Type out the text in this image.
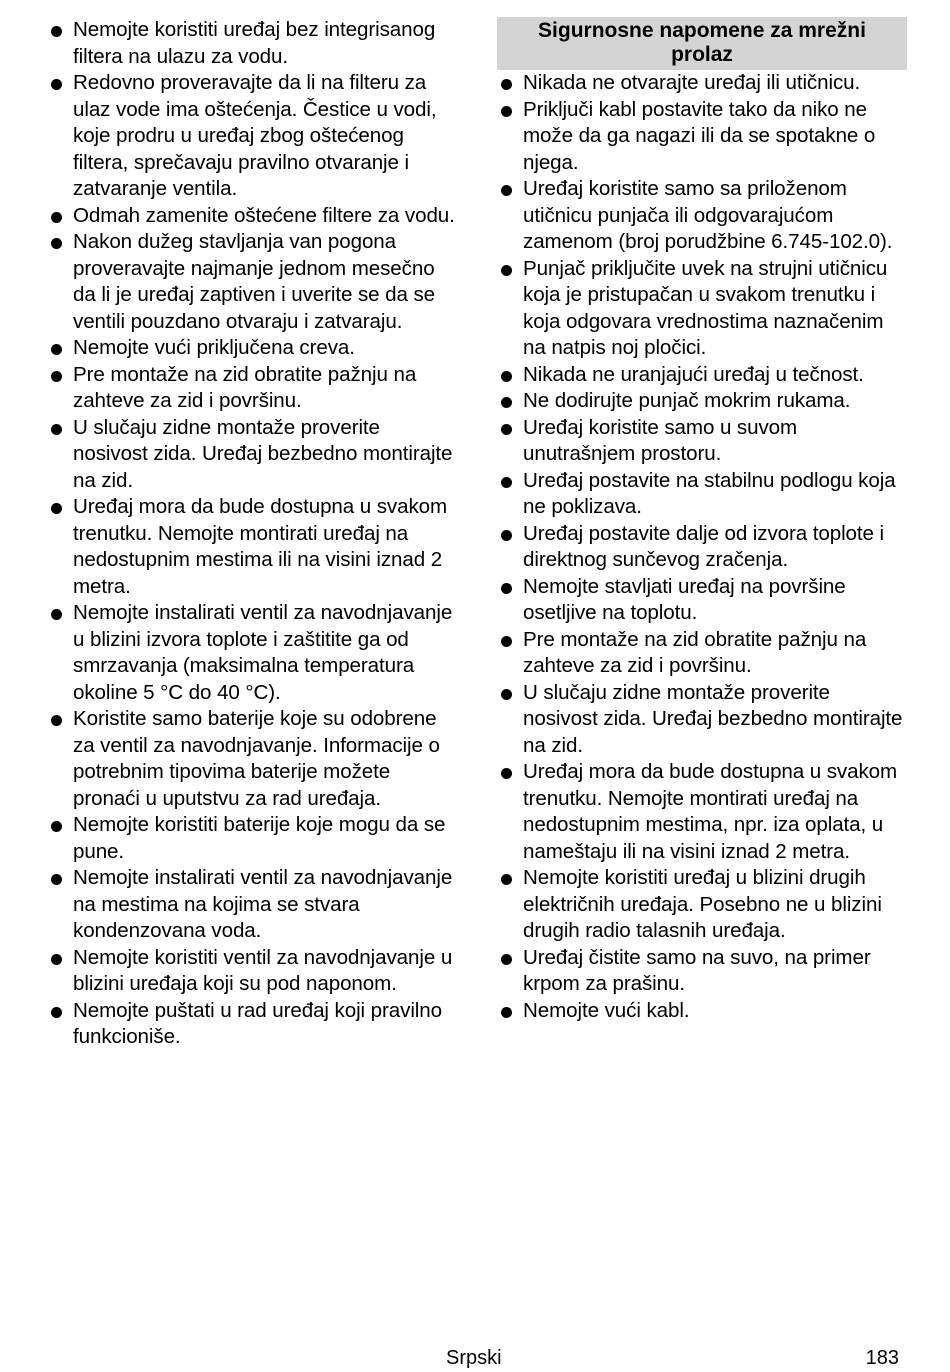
Nemojte koristiti uređaj bez integrisanog filtera na ulazu za vodu.
Redovno proveravajte da li na filteru za ulaz vode ima oštećenja. Čestice u vodi, koje prodru u uređaj zbog oštećenog filtera, sprečavaju pravilno otvaranje i zatvaranje ventila.
Odmah zamenite oštećene filtere za vodu.
Nakon dužeg stavljanja van pogona proveravajte najmanje jednom mesečno da li je uređaj zaptiven i uverite se da se ventili pouzdano otvaraju i zatvaraju.
Nemojte vući priključena creva.
Pre montaže na zid obratite pažnju na zahteve za zid i površinu.
U slučaju zidne montaže proverite nosivost zida. Uređaj bezbedno montirajte na zid.
Uređaj mora da bude dostupna u svakom trenutku. Nemojte montirati uređaj na nedostupnim mestima ili na visini iznad 2 metra.
Nemojte instalirati ventil za navodnjavanje u blizini izvora toplote i zaštitite ga od smrzavanja (maksimalna temperatura okoline 5 °C do 40 °C).
Koristite samo baterije koje su odobrene za ventil za navodnjavanje. Informacije o potrebnim tipovima baterije možete pronaći u uputstvu za rad uređaja.
Nemojte koristiti baterije koje mogu da se pune.
Nemojte instalirati ventil za navodnjavanje na mestima na kojima se stvara kondenzovana voda.
Nemojte koristiti ventil za navodnjavanje u blizini uređaja koji su pod naponom.
Nemojte puštati u rad uređaj koji pravilno funkcioniše.
Sigurnosne napomene za mrežni prolaz
Nikada ne otvarajte uređaj ili utičnicu.
Priključi kabl postavite tako da niko ne može da ga nagazi ili da se spotakne o njega.
Uređaj koristite samo sa priloženom utičnicu punjača ili odgovarajućom zamenom (broj porudžbine 6.745-102.0).
Punjač priključite uvek na strujni utičnicu koja je pristupačan u svakom trenutku i koja odgovara vrednostima naznačenim na natpis noj pločici.
Nikada ne uranjajući uređaj u tečnost.
Ne dodirujte punjač mokrim rukama.
Uređaj koristite samo u suvom unutrašnjem prostoru.
Uređaj postavite na stabilnu podlogu koja ne poklizava.
Uređaj postavite dalje od izvora toplote i direktnog sunčevog zračenja.
Nemojte stavljati uređaj na površine osetljive na toplotu.
Pre montaže na zid obratite pažnju na zahteve za zid i površinu.
U slučaju zidne montaže proverite nosivost zida. Uređaj bezbedno montirajte na zid.
Uređaj mora da bude dostupna u svakom trenutku. Nemojte montirati uređaj na nedostupnim mestima, npr. iza oplata, u nameštaju ili na visini iznad 2 metra.
Nemojte koristiti uređaj u blizini drugih električnih uređaja. Posebno ne u blizini drugih radio talasnih uređaja.
Uređaj čistite samo na suvo, na primer krpom za prašinu.
Nemojte vući kabl.
Srpski	183
